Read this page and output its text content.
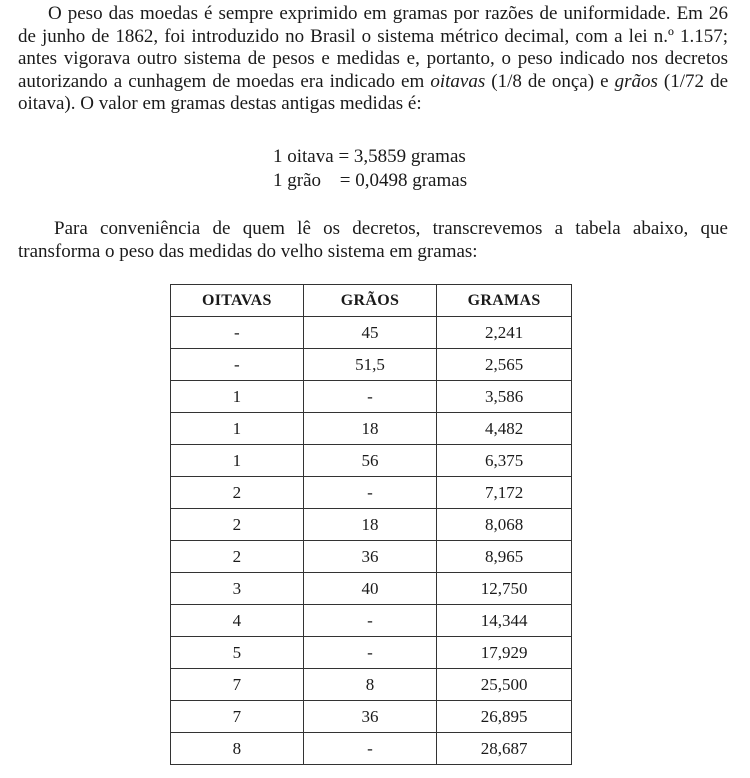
O peso das moedas é sempre exprimido em gramas por razões de uniformidade. Em 26 de junho de 1862, foi introduzido no Brasil o sistema métrico decimal, com a lei n.º 1.157; antes vigorava outro sistema de pesos e medidas e, portanto, o peso indicado nos decretos autorizando a cunhagem de moedas era indicado em oitavas (1/8 de onça) e grãos (1/72 de oitava). O valor em gramas destas antigas medidas é:

1 oitava = 3,5859 gramas
1 grão = 0,0498 gramas

Para conveniência de quem lê os decretos, transcrevemos a tabela abaixo, que transforma o peso das medidas do velho sistema em gramas:

OITAVAS	GRÃOS	GRAMAS
-	45	2,241
-	51,5	2,565
1	-	3,586
1	18	4,482
1	56	6,375
2	-	7,172
2	18	8,068
2	36	8,965
3	40	12,750
4	-	14,344
5	-	17,929
7	8	25,500
7	36	26,895
8	-	28,687
